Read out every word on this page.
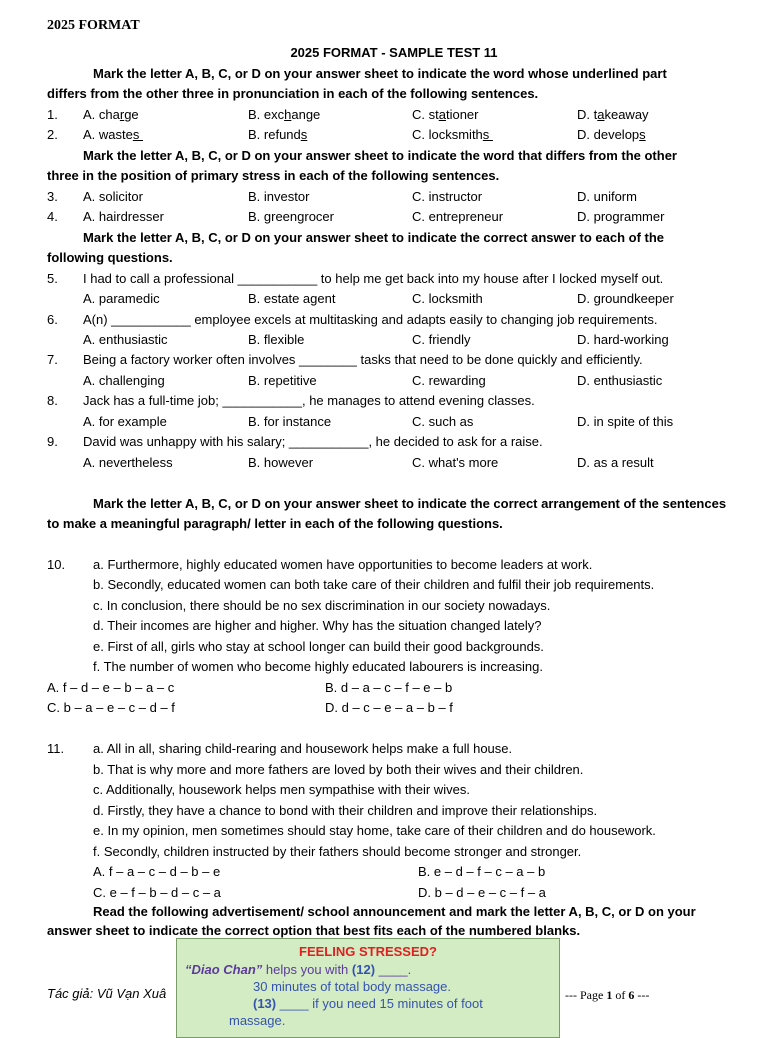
2025 FORMAT
2025 FORMAT - SAMPLE TEST 11
Mark the letter A, B, C, or D on your answer sheet to indicate the word whose underlined part
differs from the other three in pronunciation in each of the following sentences.
1. A. charge	B. exchange	C. stationer	D. takeaway
2. A. wastes	B. refunds	C. locksmiths	D. develops
Mark the letter A, B, C, or D on your answer sheet to indicate the word that differs from the other
three in the position of primary stress in each of the following sentences.
3. A. solicitor	B. investor	C. instructor	D. uniform
4. A. hairdresser	B. greengrocer	C. entrepreneur	D. programmer
Mark the letter A, B, C, or D on your answer sheet to indicate the correct answer to each of the
following questions.
5. I had to call a professional ___________ to help me get back into my house after I locked myself out.
A. paramedic	B. estate agent	C. locksmith	D. groundkeeper
6. A(n) ___________ employee excels at multitasking and adapts easily to changing job requirements.
A. enthusiastic	B. flexible	C. friendly	D. hard-working
7. Being a factory worker often involves ________ tasks that need to be done quickly and efficiently.
A. challenging	B. repetitive	C. rewarding	D. enthusiastic
8. Jack has a full-time job; ___________, he manages to attend evening classes.
A. for example	B. for instance	C. such as	D. in spite of this
9. David was unhappy with his salary; ___________, he decided to ask for a raise.
A. nevertheless	B. however	C. what's more	D. as a result
Mark the letter A, B, C, or D on your answer sheet to indicate the correct arrangement of the sentences
to make a meaningful paragraph/ letter in each of the following questions.
10. a. Furthermore, highly educated women have opportunities to become leaders at work.
b. Secondly, educated women can both take care of their children and fulfil their job requirements.
c. In conclusion, there should be no sex discrimination in our society nowadays.
d. Their incomes are higher and higher. Why has the situation changed lately?
e. First of all, girls who stay at school longer can build their good backgrounds.
f. The number of women who become highly educated labourers is increasing.
A. f – d – e – b – a – c	B. d – a – c – f – e – b
C. b – a – e – c – d – f	D. d – c – e – a – b – f
11. a. All in all, sharing child-rearing and housework helps make a full house.
b. That is why more and more fathers are loved by both their wives and their children.
c. Additionally, housework helps men sympathise with their wives.
d. Firstly, they have a chance to bond with their children and improve their relationships.
e. In my opinion, men sometimes should stay home, take care of their children and do housework.
f. Secondly, children instructed by their fathers should become stronger and stronger.
A. f – a – c – d – b – e	B. e – d – f – c – a – b
C. e – f – b – d – c – a	D. b – d – e – c – f – a
Read the following advertisement/ school announcement and mark the letter A, B, C, or D on your
answer sheet to indicate the correct option that best fits each of the numbered blanks.
FEELING STRESSED?
“Diao Chan” helps you with (12) ____.
30 minutes of total body massage.
(13) ____ if you need 15 minutes of foot
massage.
Tác giả: Vũ Vạn Xuâ	--- Page 1 of 6 ---
